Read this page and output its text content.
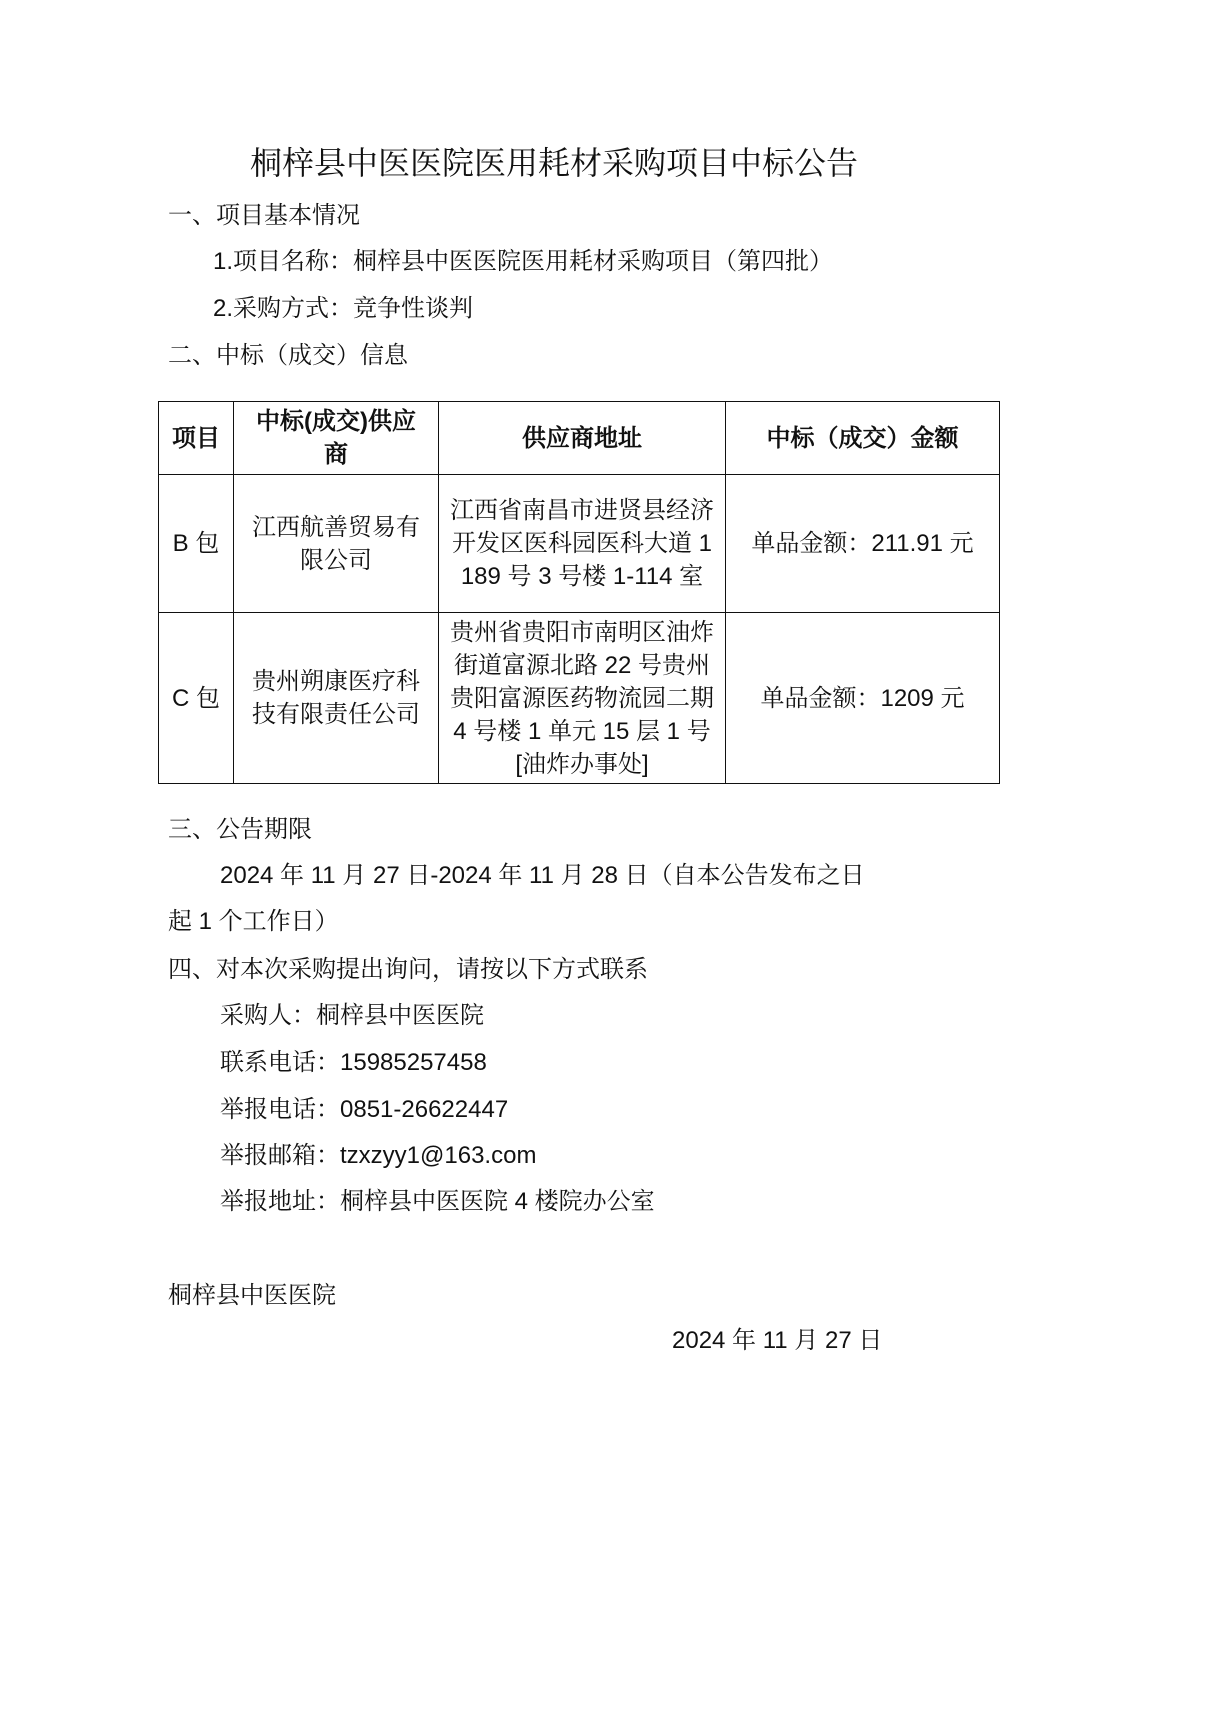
桐梓县中医医院医用耗材采购项目中标公告
一、项目基本情况
1.项目名称：桐梓县中医医院医用耗材采购项目（第四批）
2.采购方式：竞争性谈判
二、中标（成交）信息
项目	中标(成交)供应商	供应商地址	中标（成交）金额
B 包	江西航善贸易有限公司	江西省南昌市进贤县经济开发区医科园医科大道 1189 号 3 号楼 1-114 室	单品金额：211.91 元
C 包	贵州朔康医疗科技有限责任公司	贵州省贵阳市南明区油炸街道富源北路 22 号贵州贵阳富源医药物流园二期 4 号楼 1 单元 15 层 1 号[油炸办事处]	单品金额：1209 元
三、公告期限
2024 年 11 月 27 日-2024 年 11 月 28 日（自本公告发布之日
起 1 个工作日）
四、对本次采购提出询问，请按以下方式联系
采购人：桐梓县中医医院
联系电话：15985257458
举报电话：0851-26622447
举报邮箱：tzxzyy1@163.com
举报地址：桐梓县中医医院 4 楼院办公室
桐梓县中医医院
2024 年 11 月 27 日
